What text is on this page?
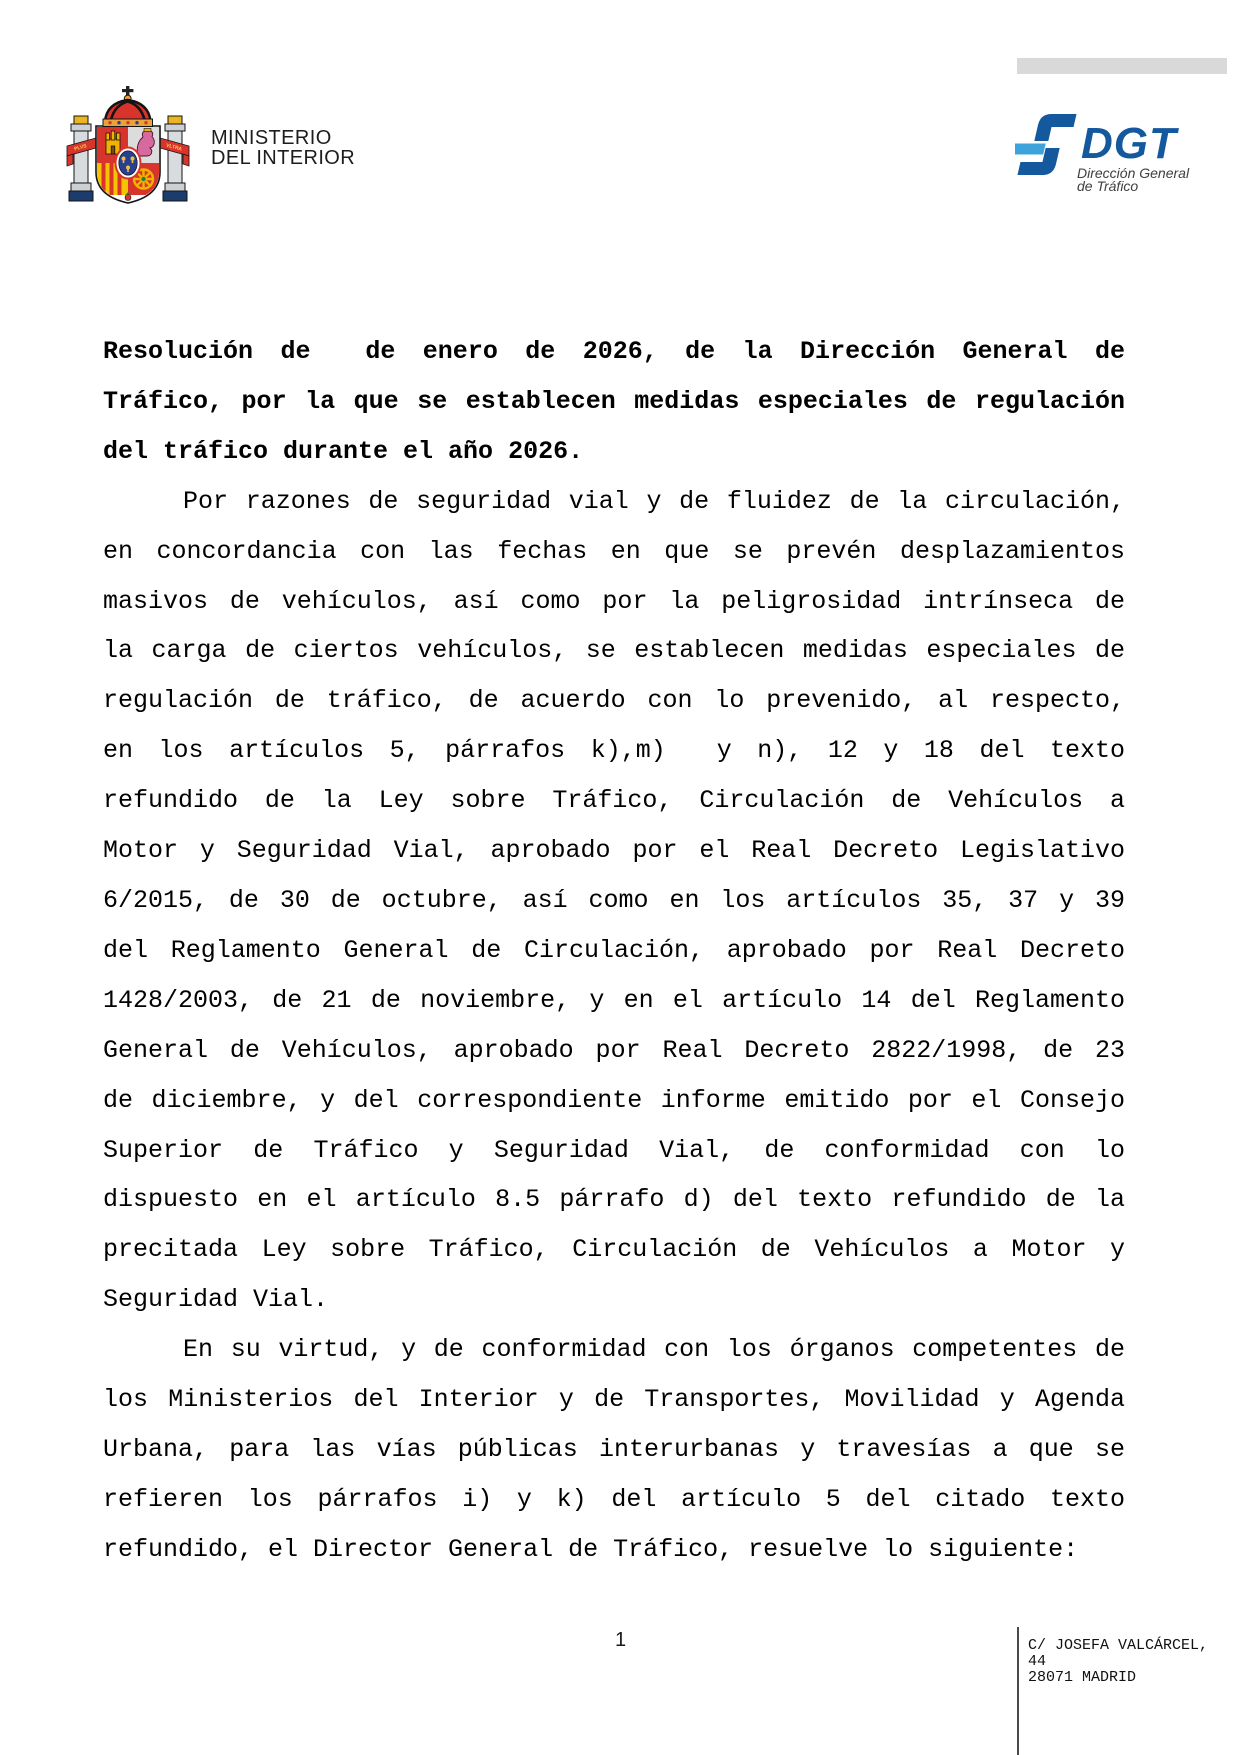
PLVS	VLTRA MINISTERIO
DEL INTERIOR	DGT
Dirección General
de Tráfico
Resolución de  de enero de 2026, de la Dirección General de
Tráfico, por la que se establecen medidas especiales de regulación
del tráfico durante el año 2026.
Por razones de seguridad vial y de fluidez de la circulación,
en concordancia con las fechas en que se prevén desplazamientos
masivos de vehículos, así como por la peligrosidad intrínseca de
la carga de ciertos vehículos, se establecen medidas especiales de
regulación de tráfico, de acuerdo con lo prevenido, al respecto,
en los artículos 5, párrafos k),m)  y n), 12 y 18 del texto
refundido de la Ley sobre Tráfico, Circulación de Vehículos a
Motor y Seguridad Vial, aprobado por el Real Decreto Legislativo
6/2015, de 30 de octubre, así como en los artículos 35, 37 y 39
del Reglamento General de Circulación, aprobado por Real Decreto
1428/2003, de 21 de noviembre, y en el artículo 14 del Reglamento
General de Vehículos, aprobado por Real Decreto 2822/1998, de 23
de diciembre, y del correspondiente informe emitido por el Consejo
Superior de Tráfico y Seguridad Vial, de conformidad con lo
dispuesto en el artículo 8.5 párrafo d) del texto refundido de la
precitada Ley sobre Tráfico, Circulación de Vehículos a Motor y
Seguridad Vial.
En su virtud, y de conformidad con los órganos competentes de
los Ministerios del Interior y de Transportes, Movilidad y Agenda
Urbana, para las vías públicas interurbanas y travesías a que se
refieren los párrafos i) y k) del artículo 5 del citado texto
refundido, el Director General de Tráfico, resuelve lo siguiente:
1	C/ JOSEFA VALCÁRCEL,
44
28071 MADRID
